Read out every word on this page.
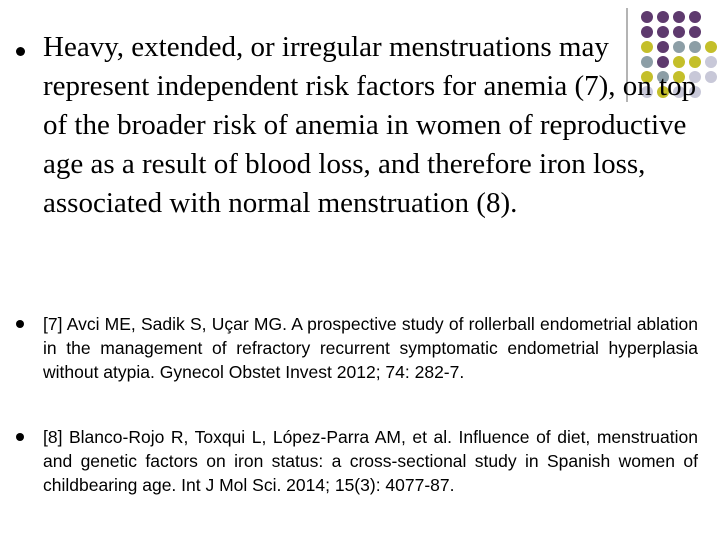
Heavy, extended, or irregular menstruations may represent independent risk factors for anemia (7), on top of the broader risk of anemia in women of reproductive age as a result of blood loss, and therefore iron loss, associated with normal menstruation (8).

[7] Avci ME, Sadik S, Uçar MG. A prospective study of rollerball endometrial ablation in the management of refractory recurrent symptomatic endometrial hyperplasia without atypia. Gynecol Obstet Invest 2012; 74: 282-7.

[8] Blanco-Rojo R, Toxqui L, López-Parra AM, et al. Influence of diet, menstruation and genetic factors on iron status: a cross-sectional study in Spanish women of childbearing age. Int J Mol Sci. 2014; 15(3): 4077-87.
